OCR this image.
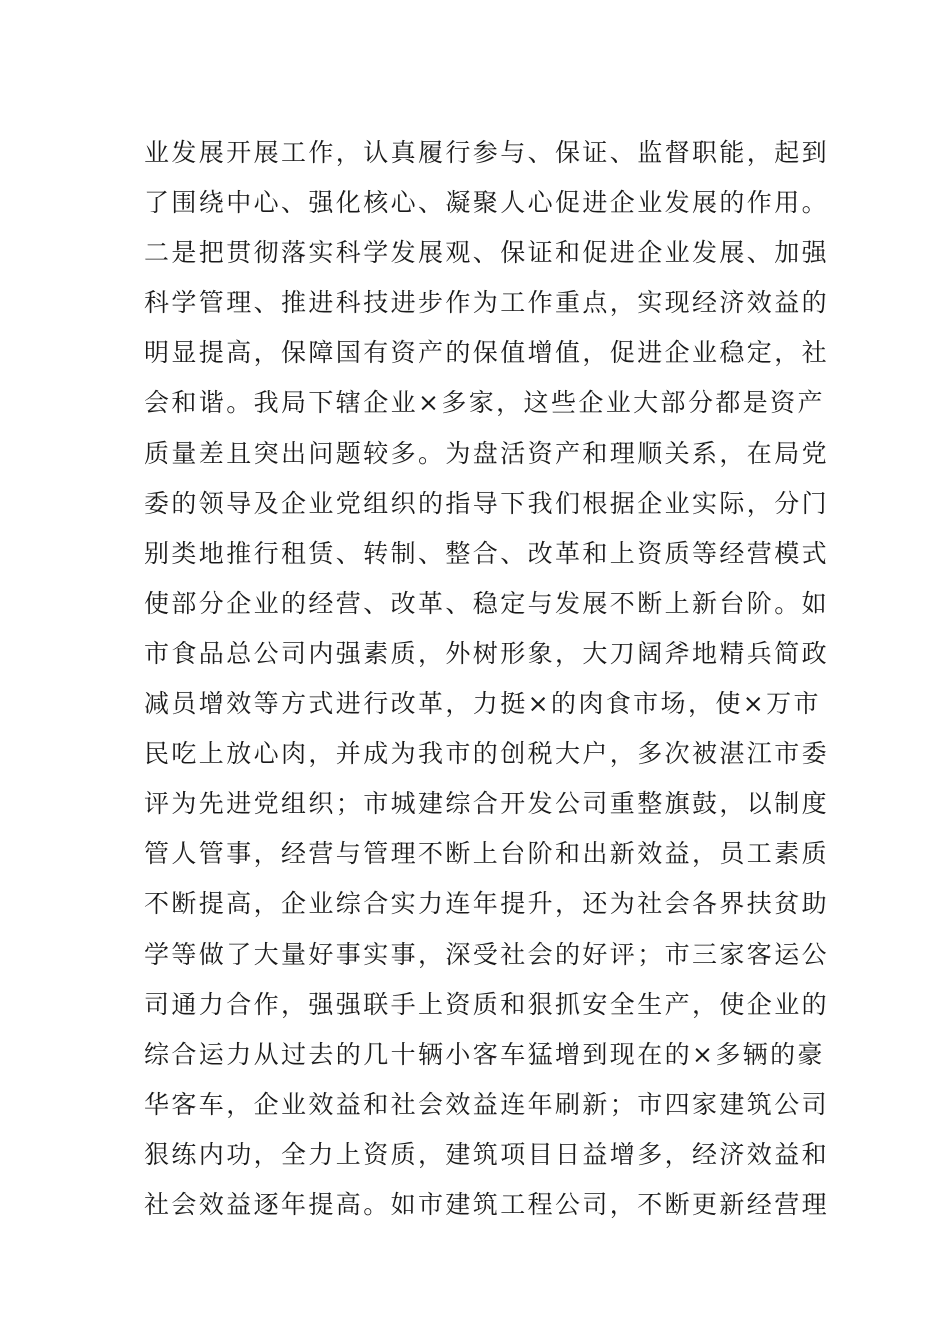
业发展开展工作，认真履行参与、保证、监督职能，起到
了围绕中心、强化核心、凝聚人心促进企业发展的作用。
二是把贯彻落实科学发展观、保证和促进企业发展、加强
科学管理、推进科技进步作为工作重点，实现经济效益的
明显提高，保障国有资产的保值增值，促进企业稳定，社
会和谐。我局下辖企业×多家，这些企业大部分都是资产
质量差且突出问题较多。为盘活资产和理顺关系，在局党
委的领导及企业党组织的指导下我们根据企业实际，分门
别类地推行租赁、转制、整合、改革和上资质等经营模式
使部分企业的经营、改革、稳定与发展不断上新台阶。如
市食品总公司内强素质，外树形象，大刀阔斧地精兵简政
减员增效等方式进行改革，力挺×的肉食市场，使×万市
民吃上放心肉，并成为我市的创税大户，多次被湛江市委
评为先进党组织；市城建综合开发公司重整旗鼓，以制度
管人管事，经营与管理不断上台阶和出新效益，员工素质
不断提高，企业综合实力连年提升，还为社会各界扶贫助
学等做了大量好事实事，深受社会的好评；市三家客运公
司通力合作，强强联手上资质和狠抓安全生产，使企业的
综合运力从过去的几十辆小客车猛增到现在的×多辆的豪
华客车，企业效益和社会效益连年刷新；市四家建筑公司
狠练内功，全力上资质，建筑项目日益增多，经济效益和
社会效益逐年提高。如市建筑工程公司，不断更新经营理
